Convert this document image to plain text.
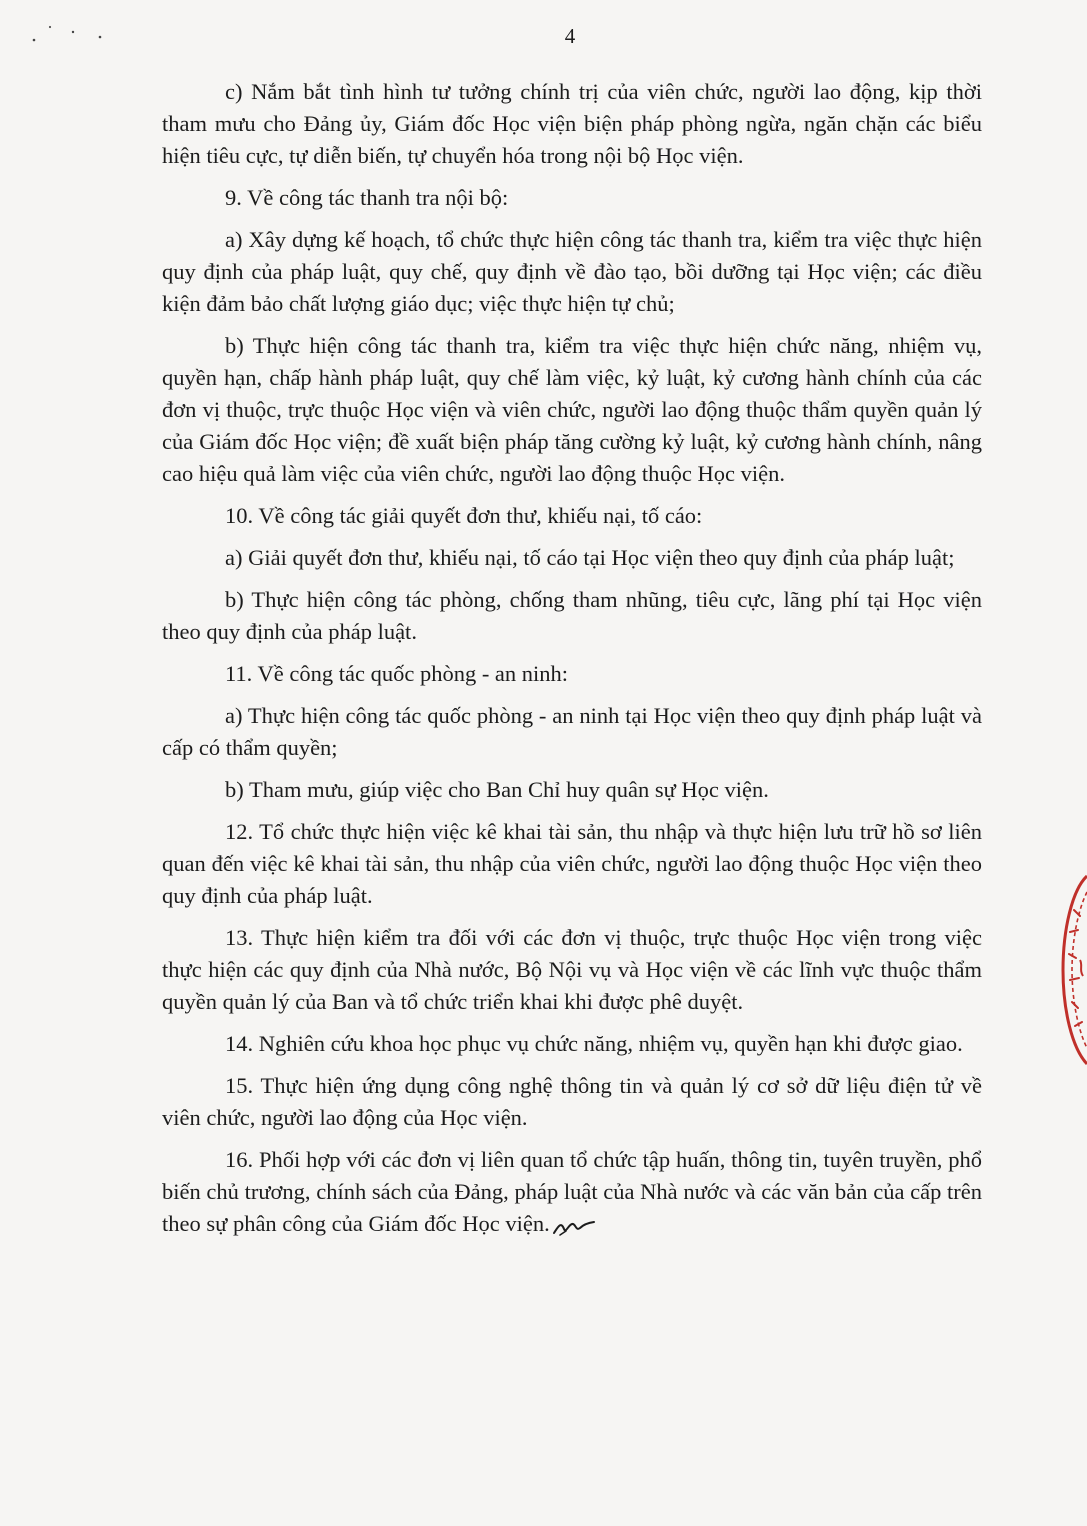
4

c) Nắm bắt tình hình tư tưởng chính trị của viên chức, người lao động, kịp thời tham mưu cho Đảng ủy, Giám đốc Học viện biện pháp phòng ngừa, ngăn chặn các biểu hiện tiêu cực, tự diễn biến, tự chuyển hóa trong nội bộ Học viện.

9. Về công tác thanh tra nội bộ:

a) Xây dựng kế hoạch, tổ chức thực hiện công tác thanh tra, kiểm tra việc thực hiện quy định của pháp luật, quy chế, quy định về đào tạo, bồi dưỡng tại Học viện; các điều kiện đảm bảo chất lượng giáo dục; việc thực hiện tự chủ;

b) Thực hiện công tác thanh tra, kiểm tra việc thực hiện chức năng, nhiệm vụ, quyền hạn, chấp hành pháp luật, quy chế làm việc, kỷ luật, kỷ cương hành chính của các đơn vị thuộc, trực thuộc Học viện và viên chức, người lao động thuộc thẩm quyền quản lý của Giám đốc Học viện; đề xuất biện pháp tăng cường kỷ luật, kỷ cương hành chính, nâng cao hiệu quả làm việc của viên chức, người lao động thuộc Học viện.

10. Về công tác giải quyết đơn thư, khiếu nại, tố cáo:

a) Giải quyết đơn thư, khiếu nại, tố cáo tại Học viện theo quy định của pháp luật;

b) Thực hiện công tác phòng, chống tham nhũng, tiêu cực, lãng phí tại Học viện theo quy định của pháp luật.

11. Về công tác quốc phòng - an ninh:

a) Thực hiện công tác quốc phòng - an ninh tại Học viện theo quy định pháp luật và cấp có thẩm quyền;

b) Tham mưu, giúp việc cho Ban Chỉ huy quân sự Học viện.

12. Tổ chức thực hiện việc kê khai tài sản, thu nhập và thực hiện lưu trữ hồ sơ liên quan đến việc kê khai tài sản, thu nhập của viên chức, người lao động thuộc Học viện theo quy định của pháp luật.

13. Thực hiện kiểm tra đối với các đơn vị thuộc, trực thuộc Học viện trong việc thực hiện các quy định của Nhà nước, Bộ Nội vụ và Học viện về các lĩnh vực thuộc thẩm quyền quản lý của Ban và tổ chức triển khai khi được phê duyệt.

14. Nghiên cứu khoa học phục vụ chức năng, nhiệm vụ, quyền hạn khi được giao.

15. Thực hiện ứng dụng công nghệ thông tin và quản lý cơ sở dữ liệu điện tử về viên chức, người lao động của Học viện.

16. Phối hợp với các đơn vị liên quan tổ chức tập huấn, thông tin, tuyên truyền, phổ biến chủ trương, chính sách của Đảng, pháp luật của Nhà nước và các văn bản của cấp trên theo sự phân công của Giám đốc Học viện.
